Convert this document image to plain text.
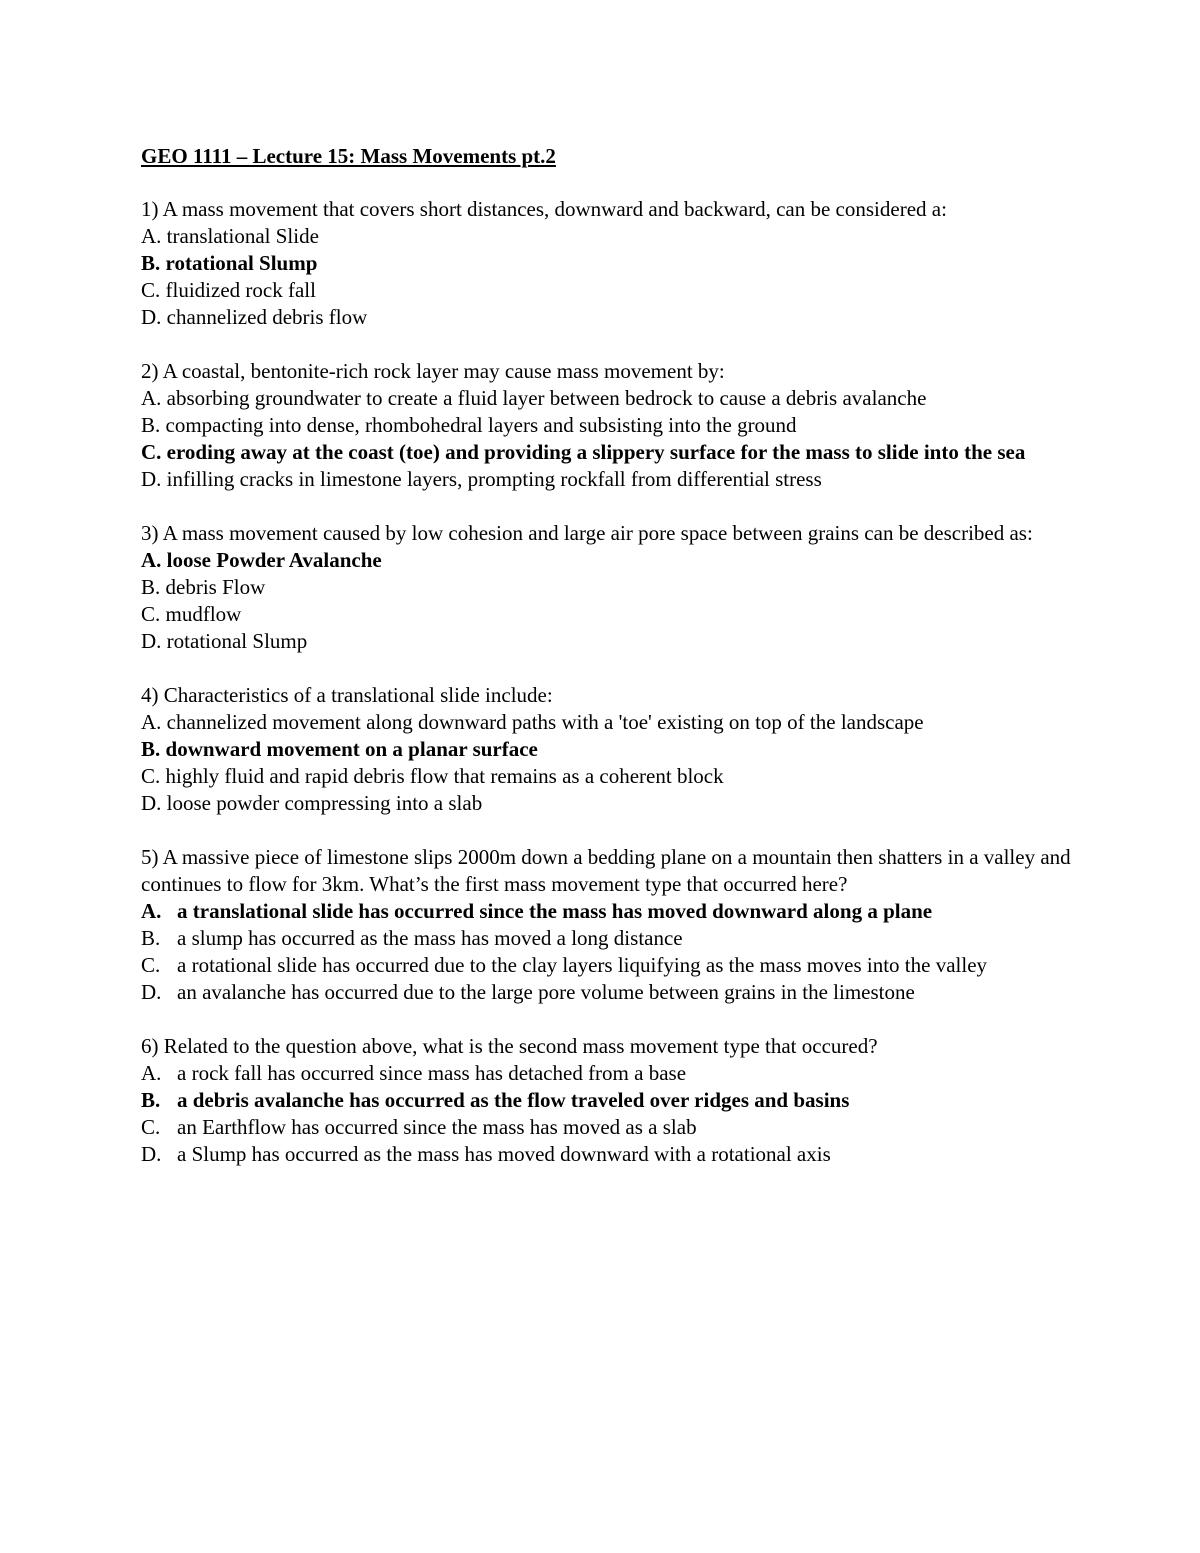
GEO 1111 – Lecture 15: Mass Movements pt.2
1) A mass movement that covers short distances, downward and backward, can be considered a:
A. translational Slide
B. rotational Slump
C. fluidized rock fall
D. channelized debris flow
2) A coastal, bentonite-rich rock layer may cause mass movement by:
A. absorbing groundwater to create a fluid layer between bedrock to cause a debris avalanche
B. compacting into dense, rhombohedral layers and subsisting into the ground
C. eroding away at the coast (toe) and providing a slippery surface for the mass to slide into the sea
D. infilling cracks in limestone layers, prompting rockfall from differential stress
3) A mass movement caused by low cohesion and large air pore space between grains can be described as:
A. loose Powder Avalanche
B. debris Flow
C. mudflow
D. rotational Slump
4) Characteristics of a translational slide include:
A. channelized movement along downward paths with a 'toe' existing on top of the landscape
B. downward movement on a planar surface
C. highly fluid and rapid debris flow that remains as a coherent block
D. loose powder compressing into a slab
5) A massive piece of limestone slips 2000m down a bedding plane on a mountain then shatters in a valley and continues to flow for 3km. What’s the first mass movement type that occurred here?
A. a translational slide has occurred since the mass has moved downward along a plane
B. a slump has occurred as the mass has moved a long distance
C. a rotational slide has occurred due to the clay layers liquifying as the mass moves into the valley
D. an avalanche has occurred due to the large pore volume between grains in the limestone
6) Related to the question above, what is the second mass movement type that occured?
A. a rock fall has occurred since mass has detached from a base
B. a debris avalanche has occurred as the flow traveled over ridges and basins
C. an Earthflow has occurred since the mass has moved as a slab
D. a Slump has occurred as the mass has moved downward with a rotational axis
